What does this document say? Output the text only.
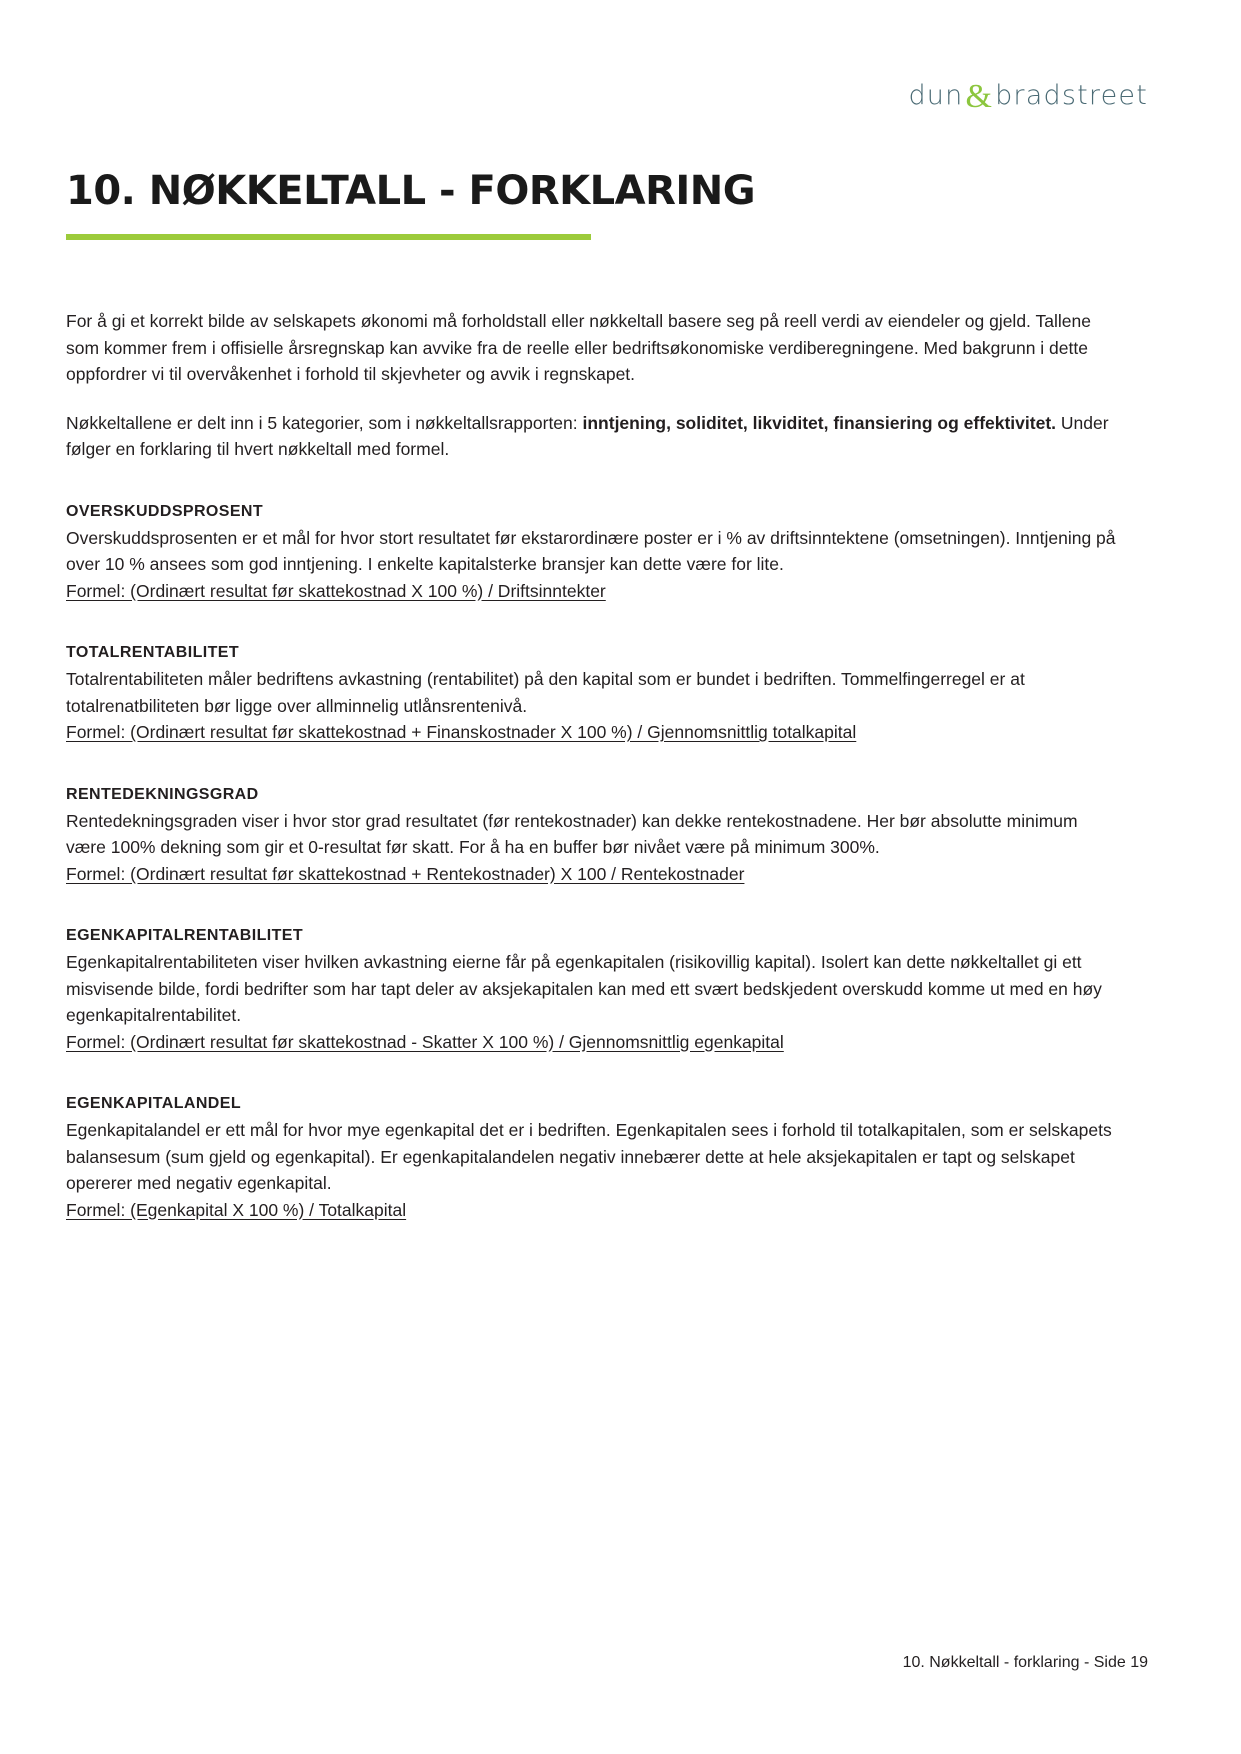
dun & bradstreet
10. NØKKELTALL - FORKLARING

For å gi et korrekt bilde av selskapets økonomi må forholdstall eller nøkkeltall basere seg på reell verdi av eiendeler og gjeld. Tallene som kommer frem i offisielle årsregnskap kan avvike fra de reelle eller bedriftsøkonomiske verdiberegningene. Med bakgrunn i dette oppfordrer vi til overvåkenhet i forhold til skjevheter og avvik i regnskapet.

Nøkkeltallene er delt inn i 5 kategorier, som i nøkkeltallsrapporten: inntjening, soliditet, likviditet, finansiering og effektivitet. Under følger en forklaring til hvert nøkkeltall med formel.

OVERSKUDDSPROSENT

Overskuddsprosenten er et mål for hvor stort resultatet før ekstarordinære poster er i % av driftsinntektene (omsetningen). Inntjening på over 10 % ansees som god inntjening. I enkelte kapitalsterke bransjer kan dette være for lite.

Formel: (Ordinært resultat før skattekostnad X 100 %) / Driftsinntekter
TOTALRENTABILITET

Totalrentabiliteten måler bedriftens avkastning (rentabilitet) på den kapital som er bundet i bedriften. Tommelfingerregel er at totalrenatbiliteten bør ligge over allminnelig utlånsrentenivå.

Formel: (Ordinært resultat før skattekostnad + Finanskostnader X 100 %) / Gjennomsnittlig totalkapital
RENTEDEKNINGSGRAD

Rentedekningsgraden viser i hvor stor grad resultatet (før rentekostnader) kan dekke rentekostnadene. Her bør absolutte minimum være 100% dekning som gir et 0-resultat før skatt. For å ha en buffer bør nivået være på minimum 300%.

Formel: (Ordinært resultat før skattekostnad + Rentekostnader) X 100 / Rentekostnader
EGENKAPITALRENTABILITET

Egenkapitalrentabiliteten viser hvilken avkastning eierne får på egenkapitalen (risikovillig kapital). Isolert kan dette nøkkeltallet gi ett misvisende bilde, fordi bedrifter som har tapt deler av aksjekapitalen kan med ett svært bedskjedent overskudd komme ut med en høy egenkapitalrentabilitet.

Formel: (Ordinært resultat før skattekostnad - Skatter X 100 %) / Gjennomsnittlig egenkapital
EGENKAPITALANDEL

Egenkapitalandel er ett mål for hvor mye egenkapital det er i bedriften. Egenkapitalen sees i forhold til totalkapitalen, som er selskapets balansesum (sum gjeld og egenkapital). Er egenkapitalandelen negativ innebærer dette at hele aksjekapitalen er tapt og selskapet opererer med negativ egenkapital.

Formel: (Egenkapital X 100 %) / Totalkapital
10. Nøkkeltall - forklaring - Side 19
